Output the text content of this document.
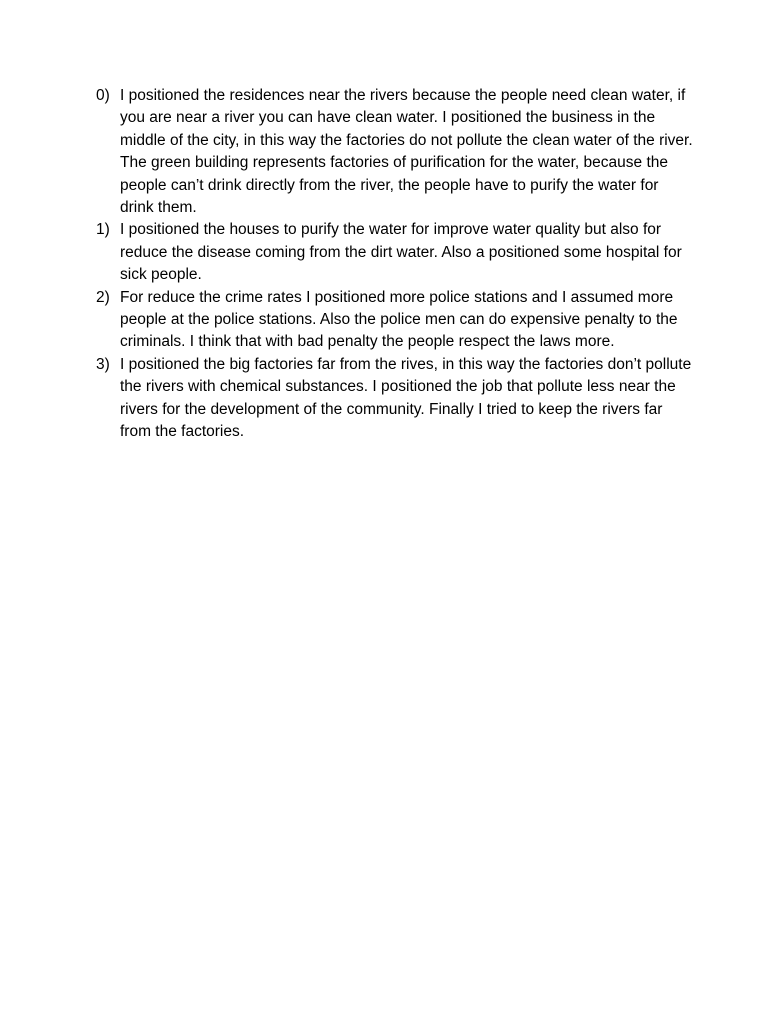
0) I positioned the residences near the rivers because the people need clean water, if you are near a river you can have clean water. I positioned the business in the middle of the city, in this way the factories do not pollute the clean water of the river. The green building represents factories of purification for the water, because the people can’t drink directly from the river, the people have to purify the water for drink them.
1) I positioned the houses to purify the water for improve water quality but also for reduce the disease coming from the dirt water. Also a positioned some hospital for sick people.
2) For reduce the crime rates I positioned more police stations and I assumed more people at the police stations. Also the police men can do expensive penalty to the criminals. I think that with bad penalty the people respect the laws more.
3) I positioned the big factories far from the rives, in this way the factories don’t pollute the rivers with chemical substances. I positioned the job that pollute less near the rivers for the development of the community. Finally I tried to keep the rivers far from the factories.
